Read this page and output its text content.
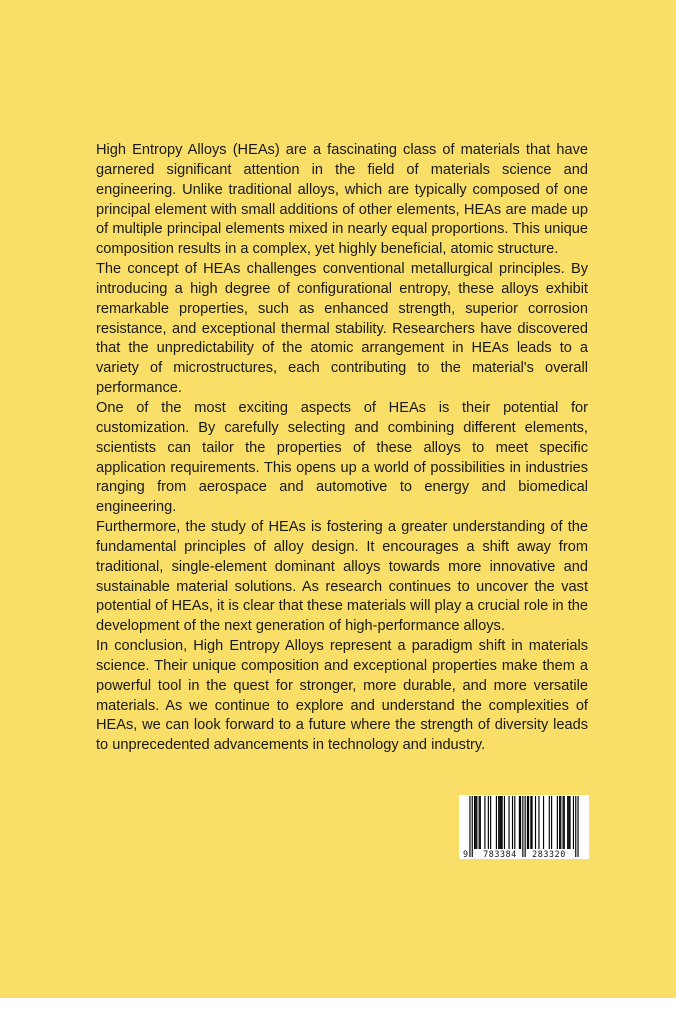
High Entropy Alloys (HEAs) are a fascinating class of materials that have garnered significant attention in the field of materials science and engineering. Unlike traditional alloys, which are typically composed of one principal element with small additions of other elements, HEAs are made up of multiple principal elements mixed in nearly equal proportions. This unique composition results in a complex, yet highly beneficial, atomic structure.

The concept of HEAs challenges conventional metallurgical principles. By introducing a high degree of configurational entropy, these alloys exhibit remarkable properties, such as enhanced strength, superior corrosion resistance, and exceptional thermal stability. Researchers have discovered that the unpredictability of the atomic arrangement in HEAs leads to a variety of microstructures, each contributing to the material's overall performance.

One of the most exciting aspects of HEAs is their potential for customization. By carefully selecting and combining different elements, scientists can tailor the properties of these alloys to meet specific application requirements. This opens up a world of possibilities in industries ranging from aerospace and automotive to energy and biomedical engineering.

Furthermore, the study of HEAs is fostering a greater understanding of the fundamental principles of alloy design. It encourages a shift away from traditional, single-element dominant alloys towards more innovative and sustainable material solutions. As research continues to uncover the vast potential of HEAs, it is clear that these materials will play a crucial role in the development of the next generation of high-performance alloys.

In conclusion, High Entropy Alloys represent a paradigm shift in materials science. Their unique composition and exceptional properties make them a powerful tool in the quest for stronger, more durable, and more versatile materials. As we continue to explore and understand the complexities of HEAs, we can look forward to a future where the strength of diversity leads to unprecedented advancements in technology and industry.

9	783384	283320
